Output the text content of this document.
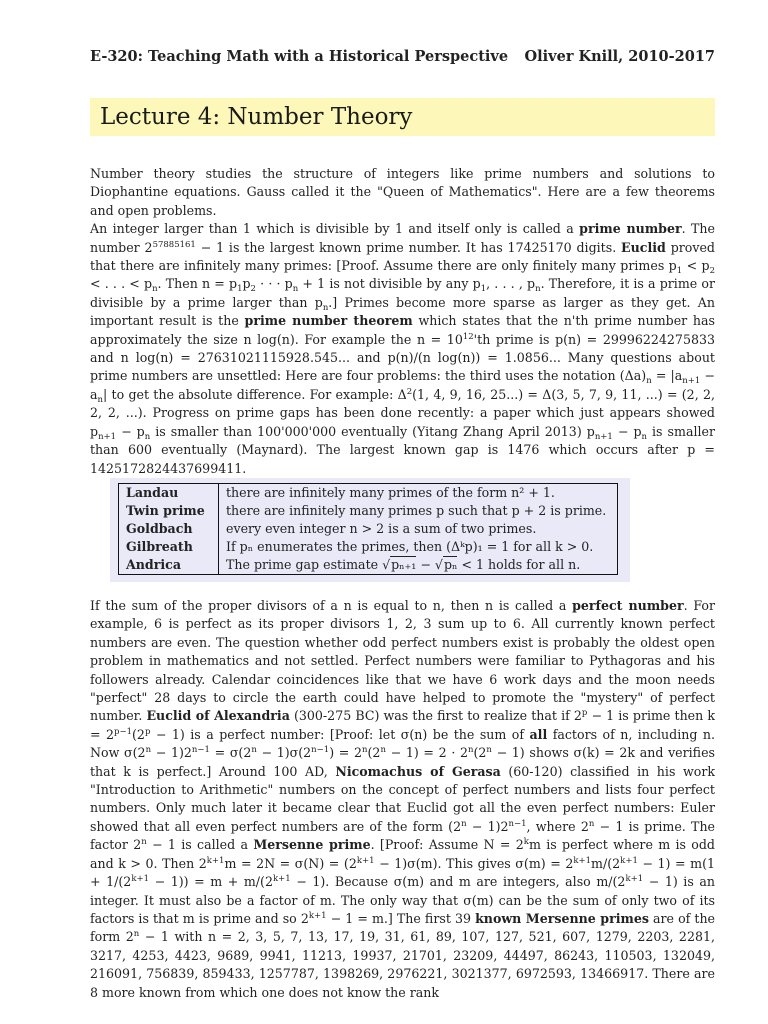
E-320: Teaching Math with a Historical Perspective Oliver Knill, 2010-2017
Lecture 4: Number Theory
Number theory studies the structure of integers like prime numbers and solutions to Diophantine equations. Gauss called it the "Queen of Mathematics". Here are a few theorems and open problems.
An integer larger than 1 which is divisible by 1 and itself only is called a prime number. The number $2^{57885161} - 1$ is the largest known prime number. It has 17425170 digits. Euclid proved that there are infinitely many primes: [Proof. Assume there are only finitely many primes $p_1 < p_2$ < . . . < $p_n$. Then $n = p_1p_2$ · · · $p_n + 1$ is not divisible by any $p_1$, . . . , $p_n$. Therefore, it is a prime or divisible by a prime larger than $p_n$.] Primes become more sparse as larger as they get. An important result is the prime number theorem which states that the n'th prime number has approximately the size n log(n). For example the $n = 10^{12}'th$ prime is p(n) = 29996224275833 and n log(n) = 27631021115928.545... and p(n)/(n log(n)) = 1.0856... Many questions about prime numbers are unsettled: Here are four problems: the third uses the notation $(\Delta a)_n = |a_{n+1} - a_n|$ to get the absolute difference. For example: $\Delta^2(1$, 4, 9, 16, 25...) = Δ(3, 5, 7, 9, 11, ...) = (2, 2, 2, 2, ...). Progress on prime gaps has been done recently: a paper which just appears showed $p_{n+1} - p_n$ is smaller than 100'000'000 eventually (Yitang Zhang April 2013) $p_{n+1} - p_n$ is smaller than 600 eventually (Maynard). The largest known gap is 1476 which occurs after p = 1425172824437699411.
Landau	there are infinitely many primes of the form n² + 1.
Twin prime	there are infinitely many primes p such that p + 2 is prime.
Goldbach	every even integer n > 2 is a sum of two primes.
Gilbreath	If pₙ enumerates the primes, then (Δᵏp)₁ = 1 for all k > 0.
Andrica	The prime gap estimate √pₙ₊₁ − √pₙ < 1 holds for all n.
If the sum of the proper divisors of a n is equal to n, then n is called a perfect number. For example, 6 is perfect as its proper divisors 1, 2, 3 sum up to 6. All currently known perfect numbers are even. The question whether odd perfect numbers exist is probably the oldest open problem in mathematics and not settled. Perfect numbers were familiar to Pythagoras and his followers already. Calendar coincidences like that we have 6 work days and the moon needs "perfect" 28 days to circle the earth could have helped to promote the "mystery" of perfect number. Euclid of Alexandria (300-275 BC) was the first to realize that if $2^p - 1$ is prime then $k = 2^{p-1}(2^p - 1)$ is a perfect number: [Proof: let σ(n) be the sum of all factors of n, including n. Now $\sigma(2^n - 1)2^{n-1} = \sigma(2^n - 1)\sigma(2^{n-1}) = 2^n(2^n - 1) = 2 \cdot 2^n(2^n - 1)$ shows σ(k) = 2k and verifies that k is perfect.] Around 100 AD, Nicomachus of Gerasa (60-120) classified in his work "Introduction to Arithmetic" numbers on the concept of perfect numbers and lists four perfect numbers. Only much later it became clear that Euclid got all the even perfect numbers: Euler showed that all even perfect numbers are of the form $(2^n - 1)2^{n-1}$, where $2^n - 1$ is prime. The factor $2^n - 1$ is called a Mersenne prime. [Proof: Assume $N = 2^km$ is perfect where m is odd and k > 0. Then $2^{k+1}m = 2N = \sigma(N) = (2^{k+1} - 1)\sigma(m)$. This gives $\sigma(m) = 2^{k+1}m/(2^{k+1} - 1) = m(1 + 1/(2^{k+1} - 1)) = m + m/(2^{k+1} - 1)$. Because σ(m) and m are integers, also $m/(2^{k+1} - 1)$ is an integer. It must also be a factor of m. The only way that σ(m) can be the sum of only two of its factors is that m is prime and so $2^{k+1} - 1 = m$.] The first 39 known Mersenne primes are of the form $2^n - 1$ with n = 2, 3, 5, 7, 13, 17, 19, 31, 61, 89, 107, 127, 521, 607, 1279, 2203, 2281, 3217, 4253, 4423, 9689, 9941, 11213, 19937, 21701, 23209, 44497, 86243, 110503, 132049, 216091, 756839, 859433, 1257787, 1398269, 2976221, 3021377, 6972593, 13466917. There are 8 more known from which one does not know the rank
